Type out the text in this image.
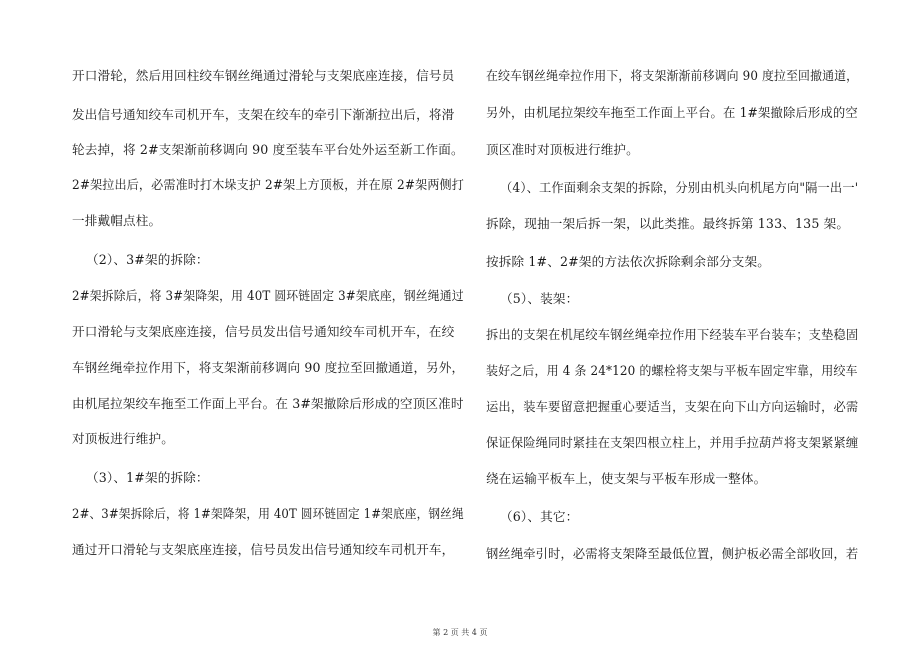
开口滑轮，然后用回柱绞车钢丝绳通过滑轮与支架底座连接，信号员
发出信号通知绞车司机开车，支架在绞车的牵引下渐渐拉出后，将滑
轮去掉，将 2#支架渐前移调向 90 度至装车平台处外运至新工作面。
2#架拉出后，必需准时打木垛支护 2#架上方顶板，并在原 2#架两侧打
一排戴帽点柱。
（2）、3#架的拆除：
2#架拆除后，将 3#架降架，用 40T 圆环链固定 3#架底座，钢丝绳通过
开口滑轮与支架底座连接，信号员发出信号通知绞车司机开车，在绞
车钢丝绳牵拉作用下，将支架渐前移调向 90 度拉至回撤通道，另外，
由机尾拉架绞车拖至工作面上平台。在 3#架撤除后形成的空顶区准时
对顶板进行维护。
（3）、1#架的拆除：
2#、3#架拆除后，将 1#架降架，用 40T 圆环链固定 1#架底座，钢丝绳
通过开口滑轮与支架底座连接，信号员发出信号通知绞车司机开车，
在绞车钢丝绳牵拉作用下，将支架渐渐前移调向 90 度拉至回撤通道，
另外，由机尾拉架绞车拖至工作面上平台。在 1#架撤除后形成的空
顶区准时对顶板进行维护。
（4）、工作面剩余支架的拆除，分别由机头向机尾方向"隔一出一'
拆除，现抽一架后拆一架，以此类推。最终拆第 133、135 架。
按拆除 1#、2#架的方法依次拆除剩余部分支架。
（5）、装架：
拆出的支架在机尾绞车钢丝绳牵拉作用下经装车平台装车；支垫稳固
装好之后，用 4 条 24*120 的螺栓将支架与平板车固定牢靠，用绞车
运出，装车要留意把握重心要适当，支架在向下山方向运输时，必需
保证保险绳同时紧挂在支架四根立柱上，并用手拉葫芦将支架紧紧缠
绕在运输平板车上，使支架与平板车形成一整体。
（6）、其它：
钢丝绳牵引时，必需将支架降至最低位置，侧护板必需全部收回，若
第 2 页 共 4 页
